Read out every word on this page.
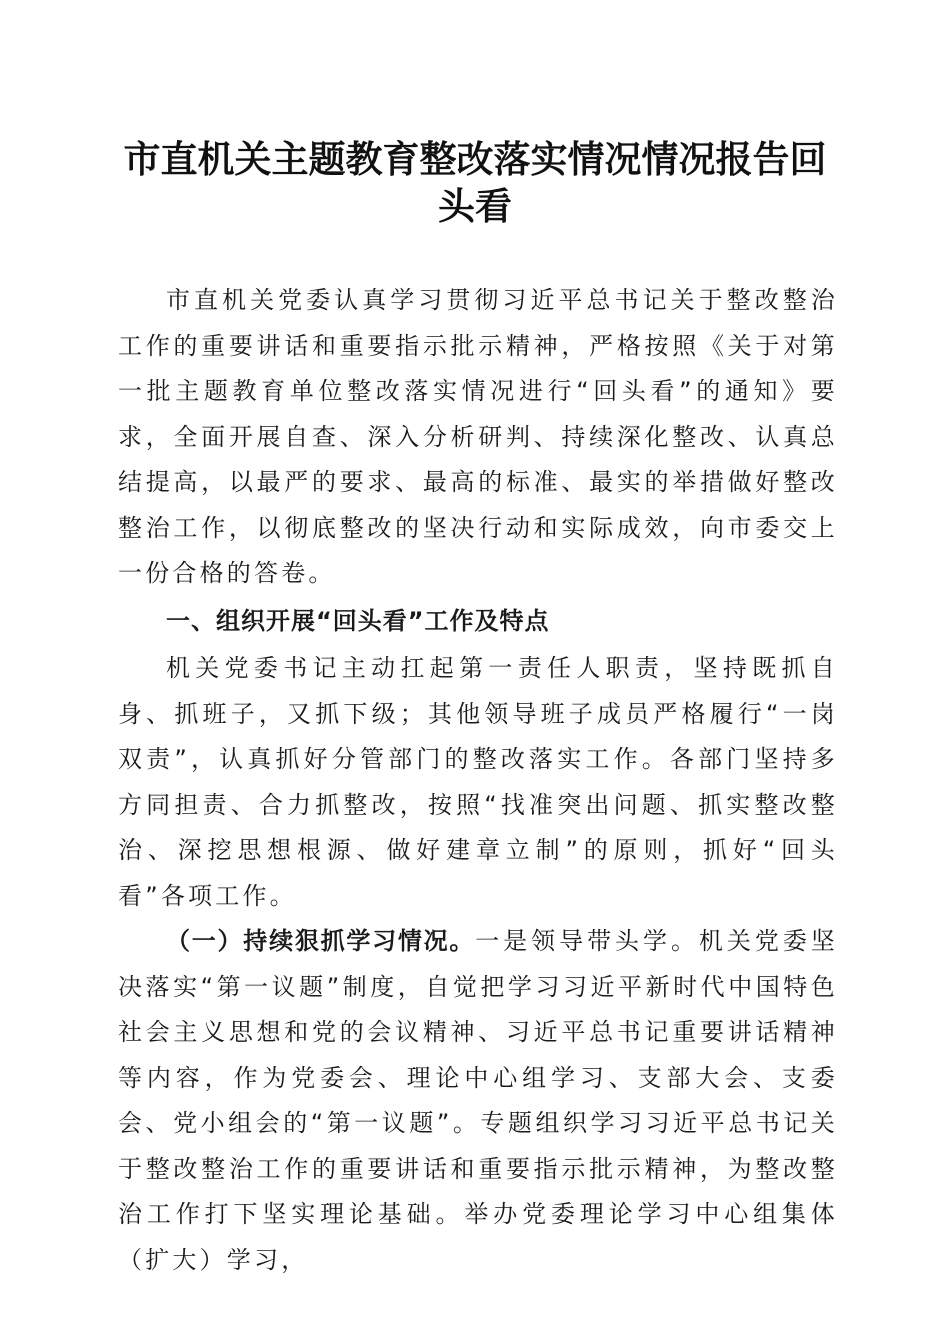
市直机关主题教育整改落实情况情况报告回头看

市直机关党委认真学习贯彻习近平总书记关于整改整治工作的重要讲话和重要指示批示精神，严格按照《关于对第一批主题教育单位整改落实情况进行“回头看”的通知》要求，全面开展自查、深入分析研判、持续深化整改、认真总结提高，以最严的要求、最高的标准、最实的举措做好整改整治工作，以彻底整改的坚决行动和实际成效，向市委交上一份合格的答卷。

一、组织开展“回头看”工作及特点

机关党委书记主动扛起第一责任人职责，坚持既抓自身、抓班子，又抓下级；其他领导班子成员严格履行“一岗双责”，认真抓好分管部门的整改落实工作。各部门坚持多方同担责、合力抓整改，按照“找准突出问题、抓实整改整治、深挖思想根源、做好建章立制”的原则，抓好“回头看”各项工作。

（一）持续狠抓学习情况。一是领导带头学。机关党委坚决落实“第一议题”制度，自觉把学习习近平新时代中国特色社会主义思想和党的会议精神、习近平总书记重要讲话精神等内容，作为党委会、理论中心组学习、支部大会、支委会、党小组会的“第一议题”。专题组织学习习近平总书记关于整改整治工作的重要讲话和重要指示批示精神，为整改整治工作打下坚实理论基础。举办党委理论学习中心组集体（扩大）学习，
